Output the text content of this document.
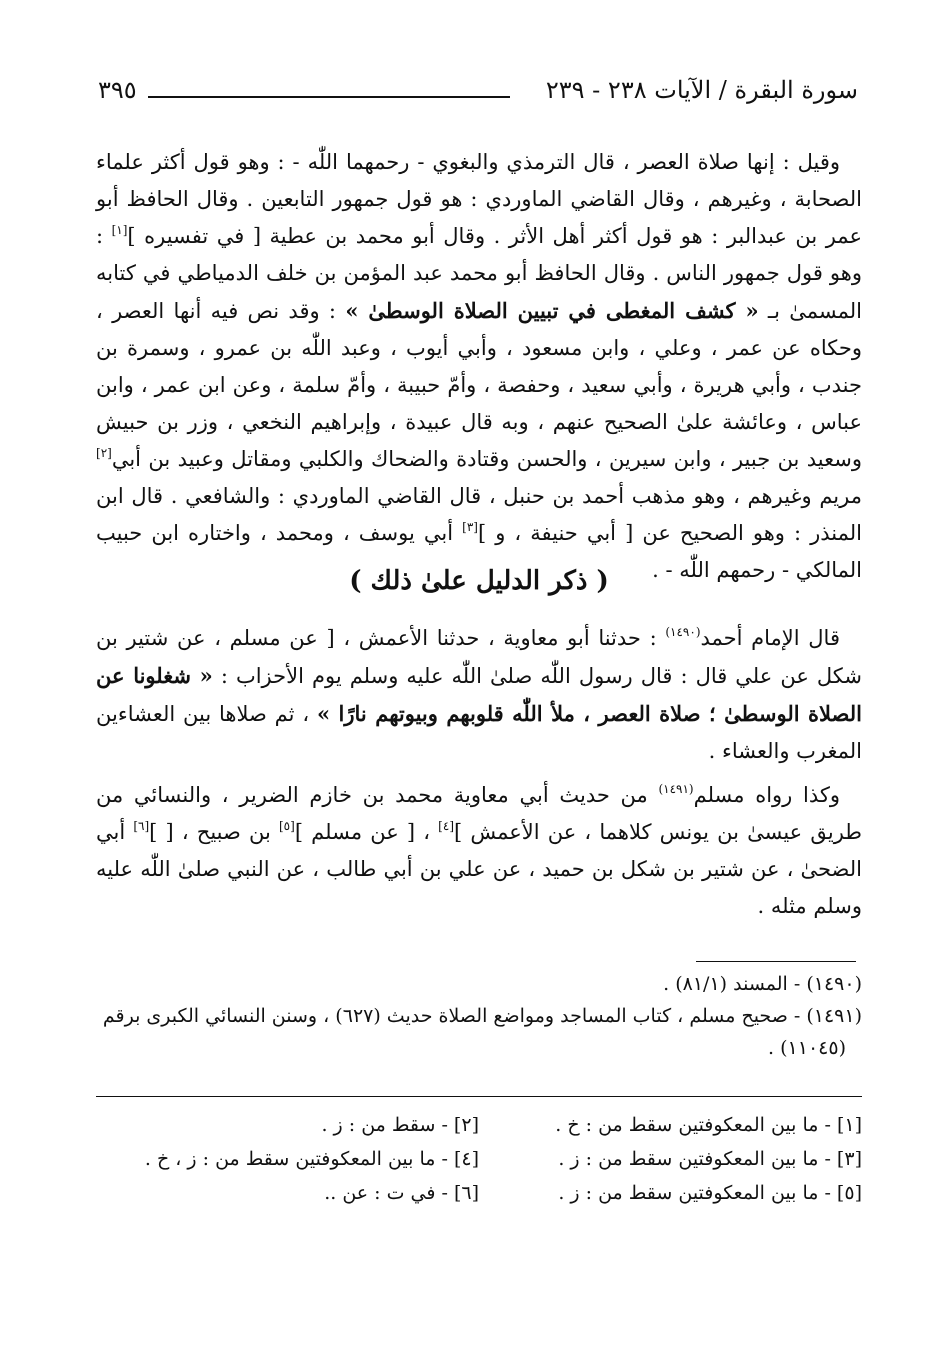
سورة البقرة / الآيات ٢٣٨ - ٢٣٩
٣٩٥

وقيل : إنها صلاة العصر ، قال الترمذي والبغوي - رحمهما اللّٰه - : وهو قول أكثر علماء الصحابة ، وغيرهم ، وقال القاضي الماوردي : هو قول جمهور التابعين . وقال الحافظ أبو عمر بن عبدالبر : هو قول أكثر أهل الأثر . وقال أبو محمد بن عطية [ في تفسيره ][١] : وهو قول جمهور الناس . وقال الحافظ أبو محمد عبد المؤمن بن خلف الدمياطي في كتابه المسمىٰ بـ « كشف المغطى في تبيين الصلاة الوسطىٰ » : وقد نص فيه أنها العصر ، وحكاه عن عمر ، وعلي ، وابن مسعود ، وأبي أيوب ، وعبد اللّٰه بن عمرو ، وسمرة بن جندب ، وأبي هريرة ، وأبي سعيد ، وحفصة ، وأمّ حبيبة ، وأمّ سلمة ، وعن ابن عمر ، وابن عباس ، وعائشة علىٰ الصحيح عنهم ، وبه قال عبيدة ، وإبراهيم النخعي ، وزر بن حبيش وسعيد بن جبير ، وابن سيرين ، والحسن وقتادة والضحاك والكلبي ومقاتل وعبيد بن أبي[٢] مريم وغيرهم ، وهو مذهب أحمد بن حنبل ، قال القاضي الماوردي : والشافعي . قال ابن المنذر : وهو الصحيح عن [ أبي حنيفة ، و ][٣] أبي يوسف ، ومحمد ، واختاره ابن حبيب المالكي - رحمهم اللّٰه - .

( ذكر الدليل علىٰ ذلك )

قال الإمام أحمد$^{(١٤٩٠)}$ : حدثنا أبو معاوية ، حدثنا الأعمش ، [ عن مسلم ، عن شتير بن شكل عن علي قال : قال رسول اللّٰه صلىٰ اللّٰه عليه وسلم يوم الأحزاب : « شغلونا عن الصلاة الوسطىٰ ؛ صلاة العصر ، ملأ اللّٰه قلوبهم وبيوتهم نارًا » ، ثم صلاها بين العشاءين المغرب والعشاء .

وكذا رواه مسلم$^{(١٤٩١)}$ من حديث أبي معاوية محمد بن خازم الضرير ، والنسائي من طريق عيسىٰ بن يونس كلاهما ، عن الأعمش ][٤] ، [ عن مسلم ][٥] بن صبيح ، [ ][٦] أبي الضحىٰ ، عن شتير بن شكل بن حميد ، عن علي بن أبي طالب ، عن النبي صلىٰ اللّٰه عليه وسلم مثله .

(١٤٩٠) - المسند (٨١/١) .

(١٤٩١) - صحيح مسلم ، كتاب المساجد ومواضع الصلاة حديث (٦٢٧) ، وسنن النسائي الكبرى برقم

(١١٠٤٥) .

[١] - ما بين المعكوفتين سقط من : خ .
[٢] - سقط من : ز .
[٣] - ما بين المعكوفتين سقط من : ز .
[٤] - ما بين المعكوفتين سقط من : ز ، خ .
[٥] - ما بين المعكوفتين سقط من : ز .
[٦] - في ت : عن ..
